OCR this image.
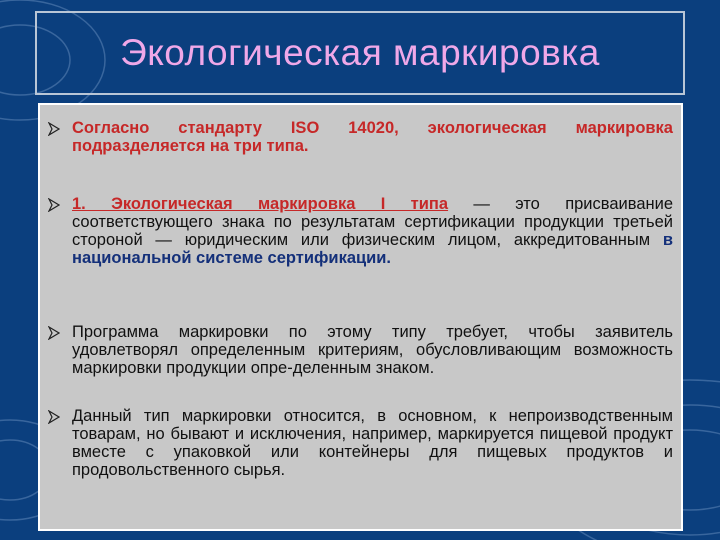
Экологическая маркировка
Согласно стандарту ISO 14020, экологическая маркировка подразделяется на три типа.
1. Экологическая маркировка I типа — это присваивание соответствующего знака по результатам сертификации продукции третьей стороной — юридическим или физическим лицом, аккредитованным в национальной системе сертификации.
Программа маркировки по этому типу требует, чтобы заявитель удовлетворял определенным критериям, обусловливающим возможность маркировки продукции опре-деленным знаком.
Данный тип маркировки относится, в основном, к непроизводственным товарам, но бывают и исключения, например, маркируется пищевой продукт вместе с упаковкой или контейнеры для пищевых продуктов и продовольственного сырья.
